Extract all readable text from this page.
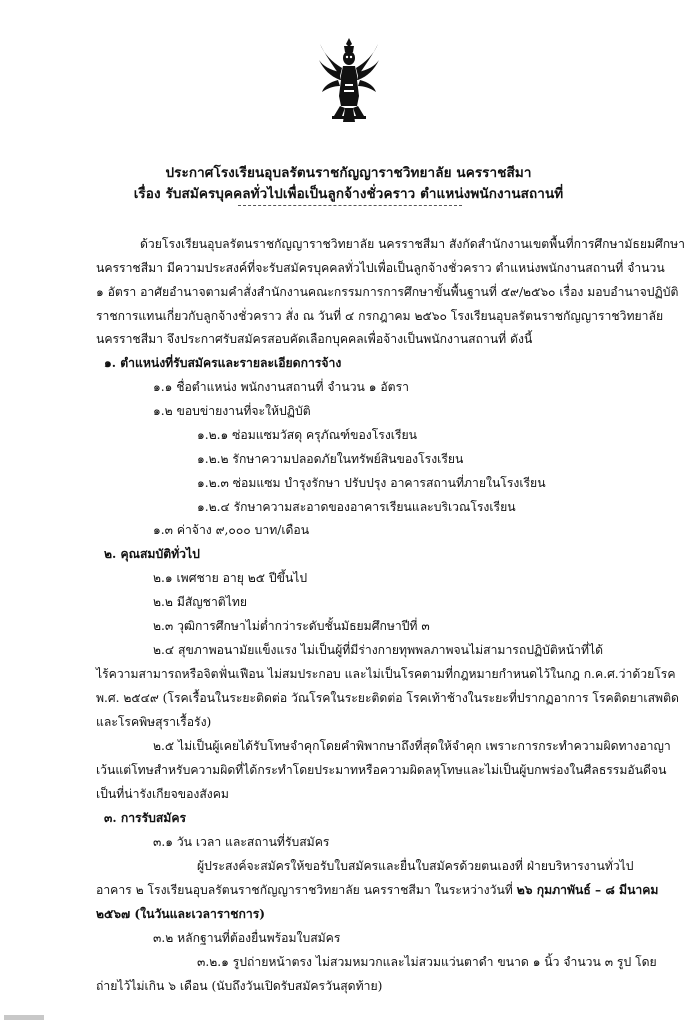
ประกาศโรงเรียนอุบลรัตนราชกัญญาราชวิทยาลัย นครราชสีมา
เรื่อง รับสมัครบุคคลทั่วไปเพื่อเป็นลูกจ้างชั่วคราว ตำแหน่งพนักงานสถานที่
ด้วยโรงเรียนอุบลรัตนราชกัญญาราชวิทยาลัย นครราชสีมา สังกัดสำนักงานเขตพื้นที่การศึกษามัธยมศึกษา
นครราชสีมา มีความประสงค์ที่จะรับสมัครบุคคลทั่วไปเพื่อเป็นลูกจ้างชั่วคราว ตำแหน่งพนักงานสถานที่ จำนวน
๑ อัตรา อาศัยอำนาจตามคำสั่งสำนักงานคณะกรรมการการศึกษาขั้นพื้นฐานที่ ๕๙/๒๕๖๐ เรื่อง มอบอำนาจปฏิบัติ
ราชการแทนเกี่ยวกับลูกจ้างชั่วคราว สั่ง ณ วันที่ ๔ กรกฎาคม ๒๕๖๐ โรงเรียนอุบลรัตนราชกัญญาราชวิทยาลัย
นครราชสีมา จึงประกาศรับสมัครสอบคัดเลือกบุคคลเพื่อจ้างเป็นพนักงานสถานที่ ดังนี้
๑. ตำแหน่งที่รับสมัครและรายละเอียดการจ้าง
๑.๑ ชื่อตำแหน่ง พนักงานสถานที่ จำนวน ๑ อัตรา
๑.๒ ขอบข่ายงานที่จะให้ปฏิบัติ
๑.๒.๑ ซ่อมแซมวัสดุ ครุภัณฑ์ของโรงเรียน
๑.๒.๒ รักษาความปลอดภัยในทรัพย์สินของโรงเรียน
๑.๒.๓ ซ่อมแซม บำรุงรักษา ปรับปรุง อาคารสถานที่ภายในโรงเรียน
๑.๒.๔ รักษาความสะอาดของอาคารเรียนและบริเวณโรงเรียน
๑.๓ ค่าจ้าง ๙,๐๐๐ บาท/เดือน
๒. คุณสมบัติทั่วไป
๒.๑ เพศชาย อายุ ๒๕ ปีขึ้นไป
๒.๒ มีสัญชาติไทย
๒.๓ วุฒิการศึกษาไม่ต่ำกว่าระดับชั้นมัธยมศึกษาปีที่ ๓
๒.๔ สุขภาพอนามัยแข็งแรง ไม่เป็นผู้ที่มีร่างกายทุพพลภาพจนไม่สามารถปฏิบัติหน้าที่ได้
ไร้ความสามารถหรือจิตฟั่นเฟือน ไม่สมประกอบ และไม่เป็นโรคตามที่กฎหมายกำหนดไว้ในกฎ ก.ค.ศ.ว่าด้วยโรค
พ.ศ. ๒๕๔๙ (โรคเรื้อนในระยะติดต่อ วัณโรคในระยะติดต่อ โรคเท้าช้างในระยะที่ปรากฏอาการ โรคติดยาเสพติด
และโรคพิษสุราเรื้อรัง)
๒.๕ ไม่เป็นผู้เคยได้รับโทษจำคุกโดยคำพิพากษาถึงที่สุดให้จำคุก เพราะการกระทำความผิดทางอาญา
เว้นแต่โทษสำหรับความผิดที่ได้กระทำโดยประมาทหรือความผิดลหุโทษและไม่เป็นผู้บกพร่องในศีลธรรมอันดีจน
เป็นที่น่ารังเกียจของสังคม
๓. การรับสมัคร
๓.๑ วัน เวลา และสถานที่รับสมัคร
ผู้ประสงค์จะสมัครให้ขอรับใบสมัครและยื่นใบสมัครด้วยตนเองที่ ฝ่ายบริหารงานทั่วไป
อาคาร ๒ โรงเรียนอุบลรัตนราชกัญญาราชวิทยาลัย นครราชสีมา ในระหว่างวันที่ ๒๖ กุมภาพันธ์ – ๘ มีนาคม
๒๕๖๗ (ในวันและเวลาราชการ)
๓.๒ หลักฐานที่ต้องยื่นพร้อมใบสมัคร
๓.๒.๑ รูปถ่ายหน้าตรง ไม่สวมหมวกและไม่สวมแว่นตาดำ ขนาด ๑ นิ้ว จำนวน ๓ รูป โดย
ถ่ายไว้ไม่เกิน ๖ เดือน (นับถึงวันเปิดรับสมัครวันสุดท้าย)
